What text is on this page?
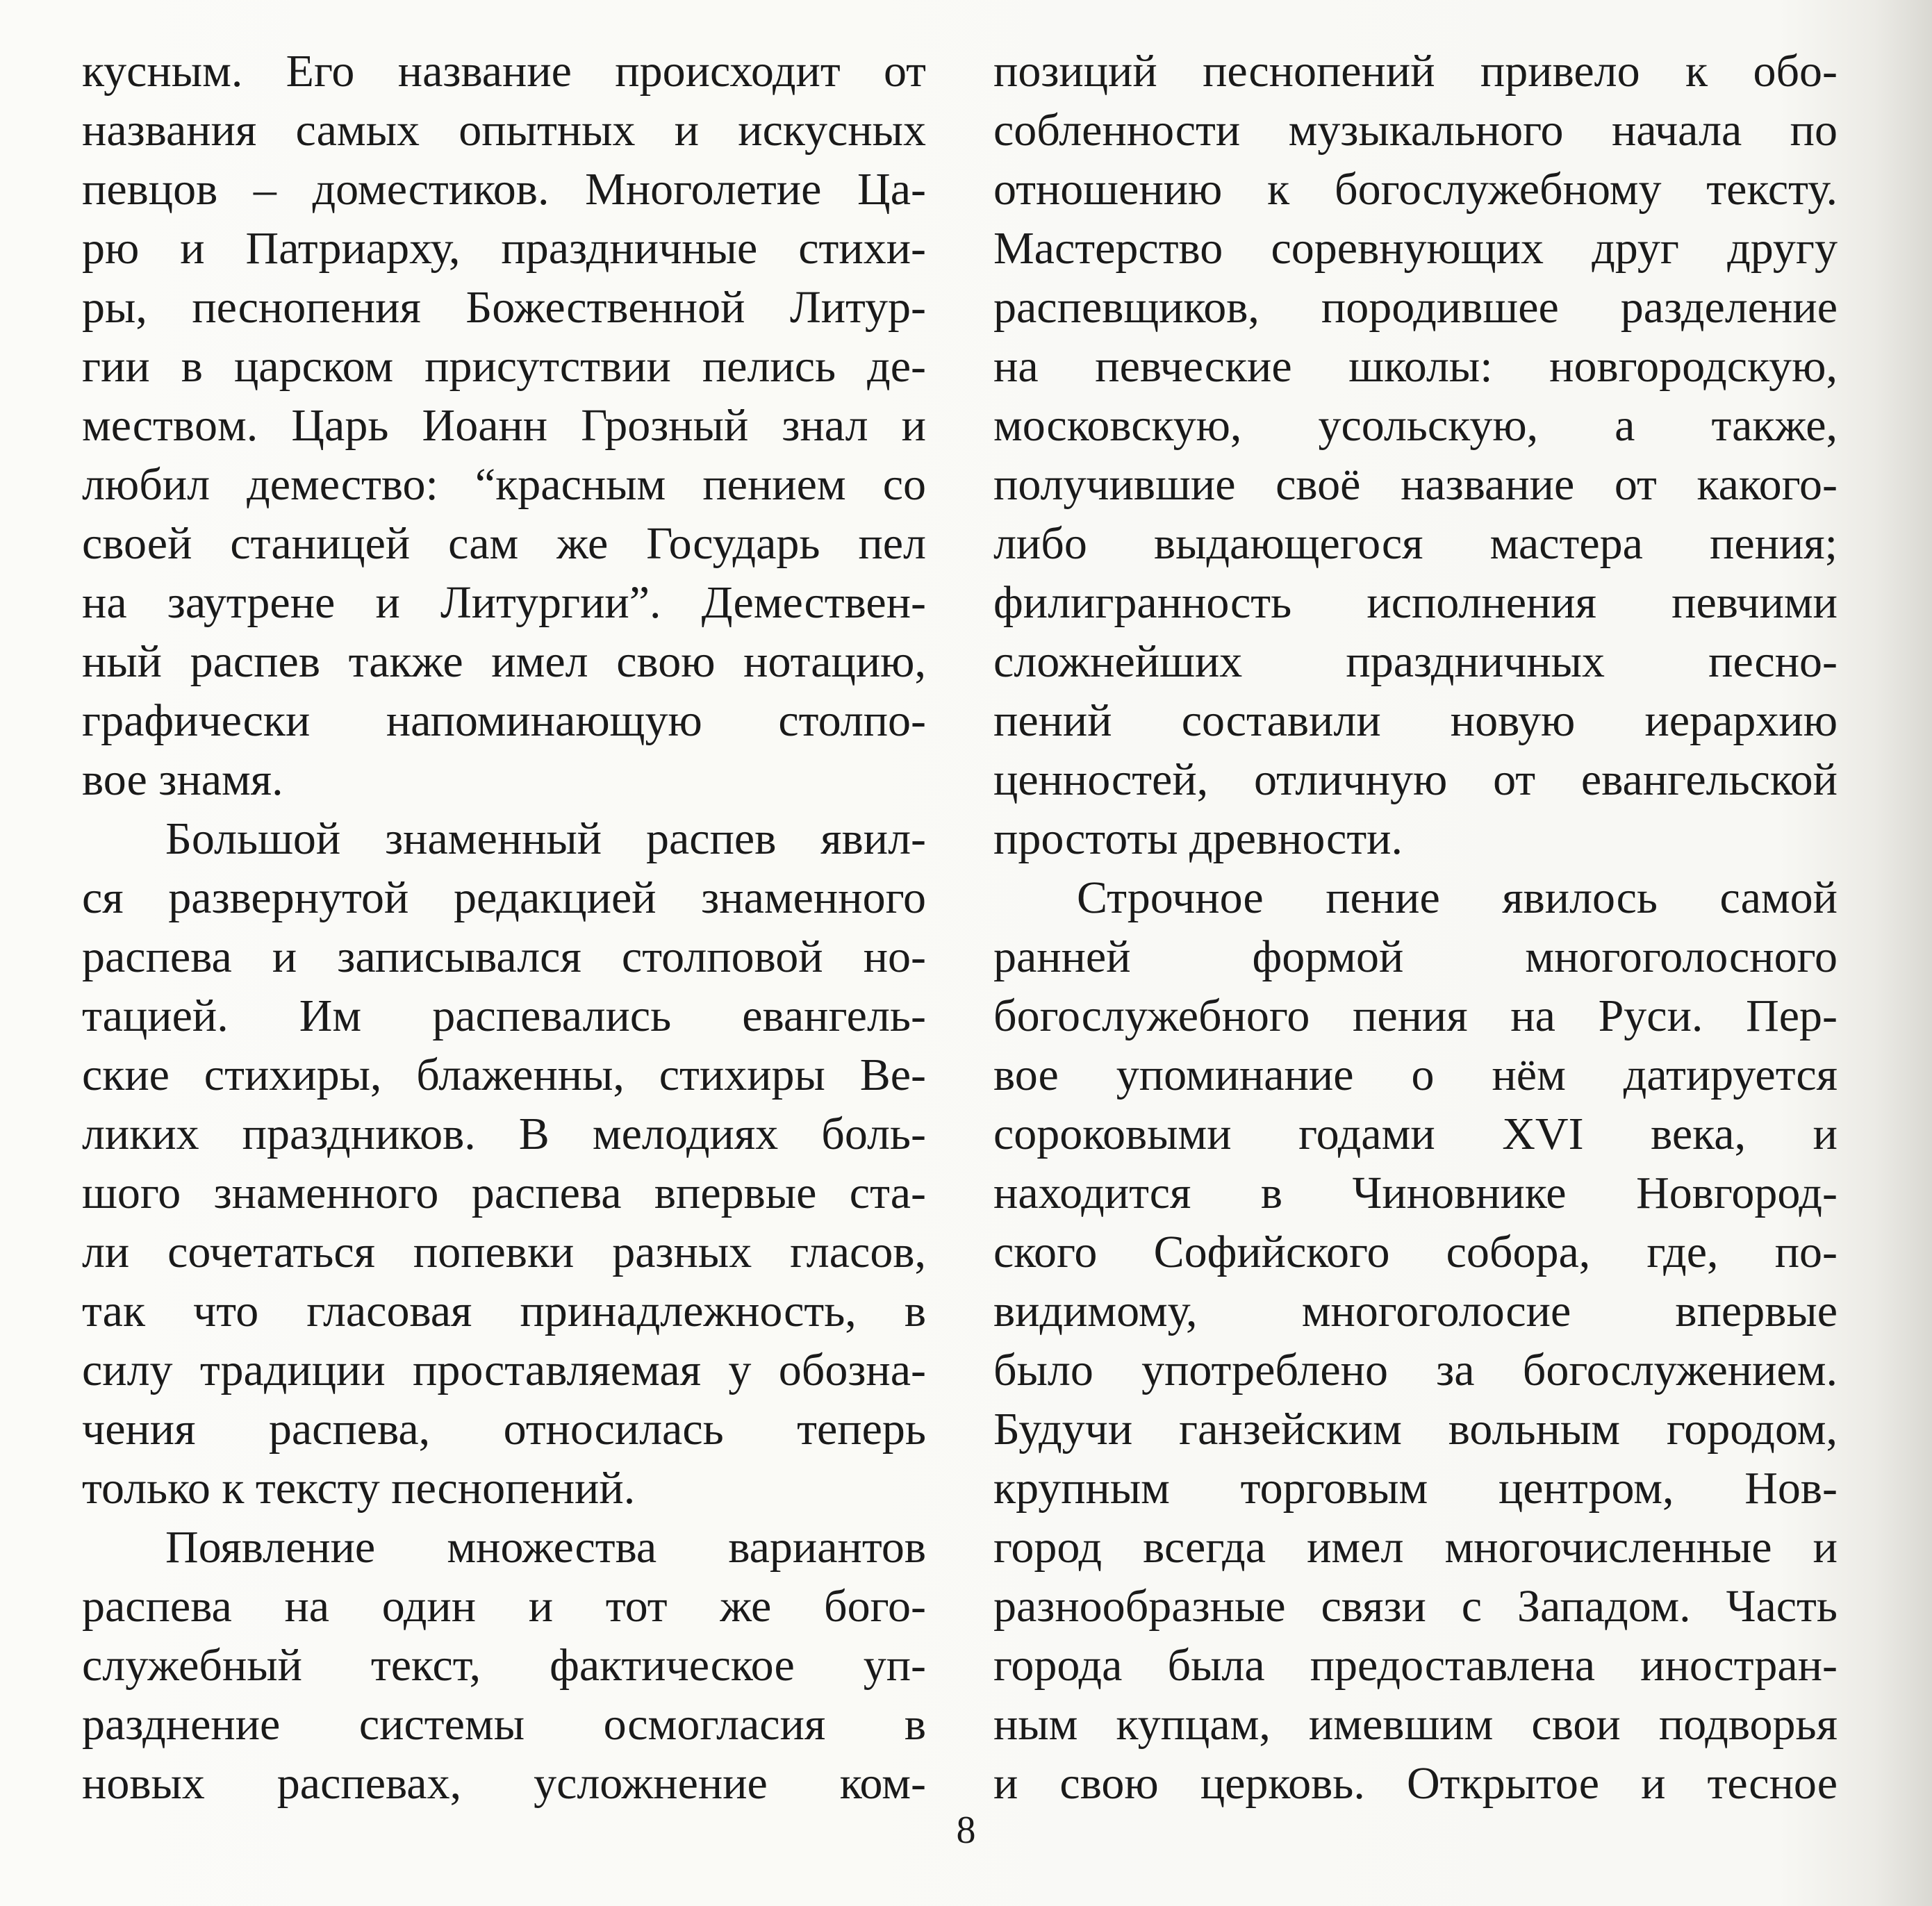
кусным. Его название происходит от
названия самых опытных и искусных
певцов – доместиков. Многолетие Ца-
рю и Патриарху, праздничные стихи-
ры, песнопения Божественной Литур-
гии в царском присутствии пелись де-
мествoм. Царь Иоанн Грозный знал и
любил демество: “красным пением со
своей станицей сам же Государь пел
на заутрене и Литургии”. Демествен-
ный распев также имел свою нотацию,
графически напоминающую столпо-
вое знамя.
Большой знаменный распев явил-
ся развернутой редакцией знаменного
распева и записывался столповой но-
тацией. Им распевались евангель-
ские стихиры, блаженны, стихиры Ве-
ликих праздников. В мелодиях боль-
шого знаменного распева впервые ста-
ли сочетаться попевки разных гласов,
так что гласовая принадлежность, в
силу традиции проставляемая у обозна-
чения распева, относилась теперь
только к тексту песнопений.
Появление множества вариантов
распева на один и тот же бого-
служебный текст, фактическое уп-
разднение системы осмогласия в
новых распевах, усложнение ком-
позиций песнопений привело к обо-
собленности музыкального начала по
отношению к богослужебному тексту.
Мастерство соревнующих друг другу
распевщиков, породившее разделение
на певческие школы: новгородскую,
московскую, усольскую, а также,
получившие своё название от какого-
либо выдающегося мастера пения;
филигранность исполнения певчими
сложнейших праздничных песно-
пений составили новую иерархию
ценностей, отличную от евангельской
простоты древности.
Строчное пение явилось самой
ранней формой многоголосного
богослужебного пения на Руси. Пер-
вое упоминание о нём датируется
сороковыми годами XVI века, и
находится в Чиновнике Новгород-
ского Софийского собора, где, по-
видимому, многоголосие впервые
было употреблено за богослужением.
Будучи ганзейским вольным городом,
крупным торговым центром, Нов-
город всегда имел многочисленные и
разнообразные связи с Западом. Часть
города была предоставлена иностран-
ным купцам, имевшим свои подворья
и свою церковь. Открытое и тесное
8
